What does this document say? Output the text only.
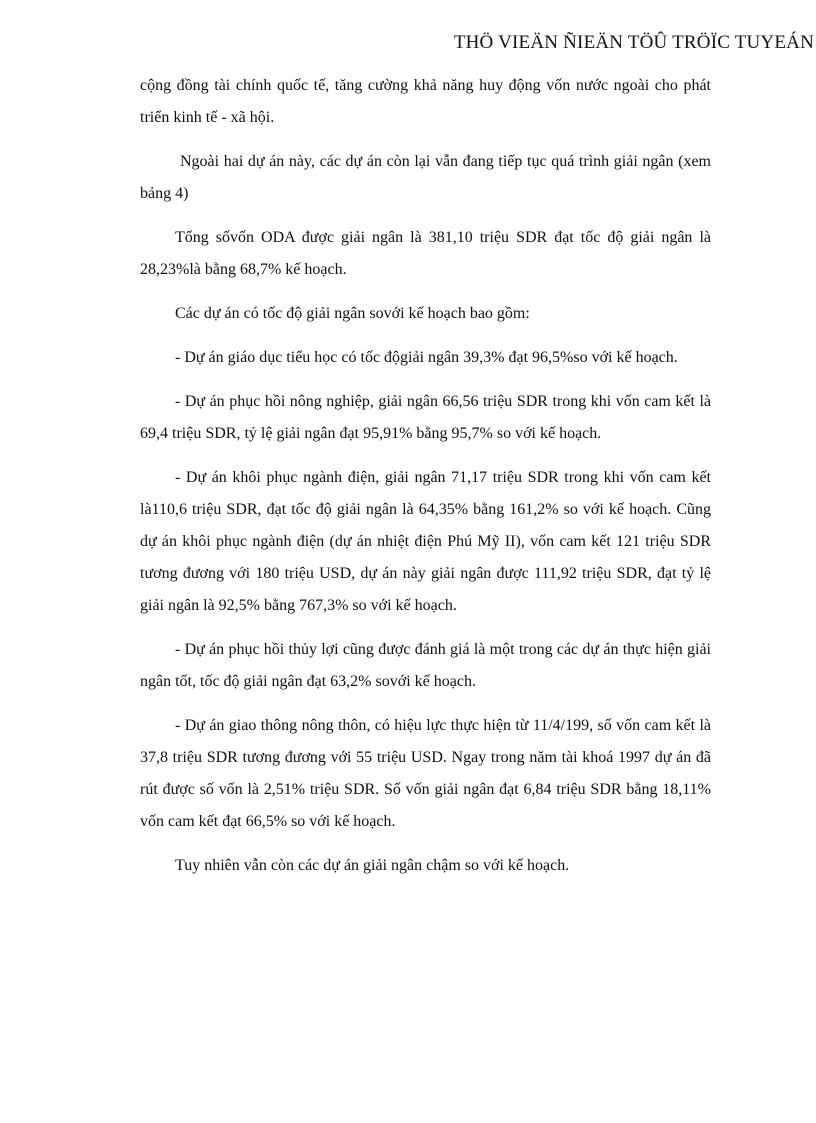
THÖ VIEÄN ÑIEÄN TÖÛ TRÖÏC TUYEÁN

cộng đồng tài chính quốc tế, tăng cường khả năng huy động vốn nước ngoài cho phát triển kinh tế - xã hội.

Ngoài hai dự án này, các dự án còn lại vẫn đang tiếp tục quá trình giải ngân (xem bảng 4)

Tổng sốvốn ODA được giải ngân là 381,10 triệu SDR đạt tốc độ giải ngân là 28,23%là bằng 68,7% kế hoạch.

Các dự án có tốc độ giải ngân sovới kế hoạch bao gồm:

- Dự án giáo dục tiểu học có tốc độgiải ngân 39,3% đạt 96,5%so với kế hoạch.

- Dự án phục hồi nông nghiệp, giải ngân 66,56 triệu SDR trong khi vốn cam kết là 69,4 triệu SDR, tỷ lệ giải ngân đạt 95,91% bằng 95,7% so với kế hoạch.

- Dự án khôi phục ngành điện, giải ngân 71,17 triệu SDR trong khi vốn cam kết là110,6 triệu SDR, đạt tốc độ giải ngân là 64,35% bằng 161,2% so với kế hoạch. Cũng dự án khôi phục ngành điện (dự án nhiệt điện Phú Mỹ II), vốn cam kết 121 triệu SDR tương đương với 180 triệu USD, dự án này giải ngân được 111,92 triệu SDR, đạt tỷ lệ giải ngân là 92,5% bằng 767,3% so với kế hoạch.

- Dự án phục hồi thủy lợi cũng được đánh giá là một trong các dự án thực hiện giải ngân tốt, tốc độ giải ngân đạt 63,2% sovới kế hoạch.

- Dự án giao thông nông thôn, có hiệu lực thực hiện từ 11/4/199, số vốn cam kết là 37,8 triệu SDR tương đương với 55 triệu USD. Ngay trong năm tài khoá 1997 dự án đã rút được số vốn là 2,51% triệu SDR. Số vốn giải ngân đạt 6,84 triệu SDR bằng 18,11% vốn cam kết đạt 66,5% so với kế hoạch.

Tuy nhiên vẫn còn các dự án giải ngân chậm so với kế hoạch.
